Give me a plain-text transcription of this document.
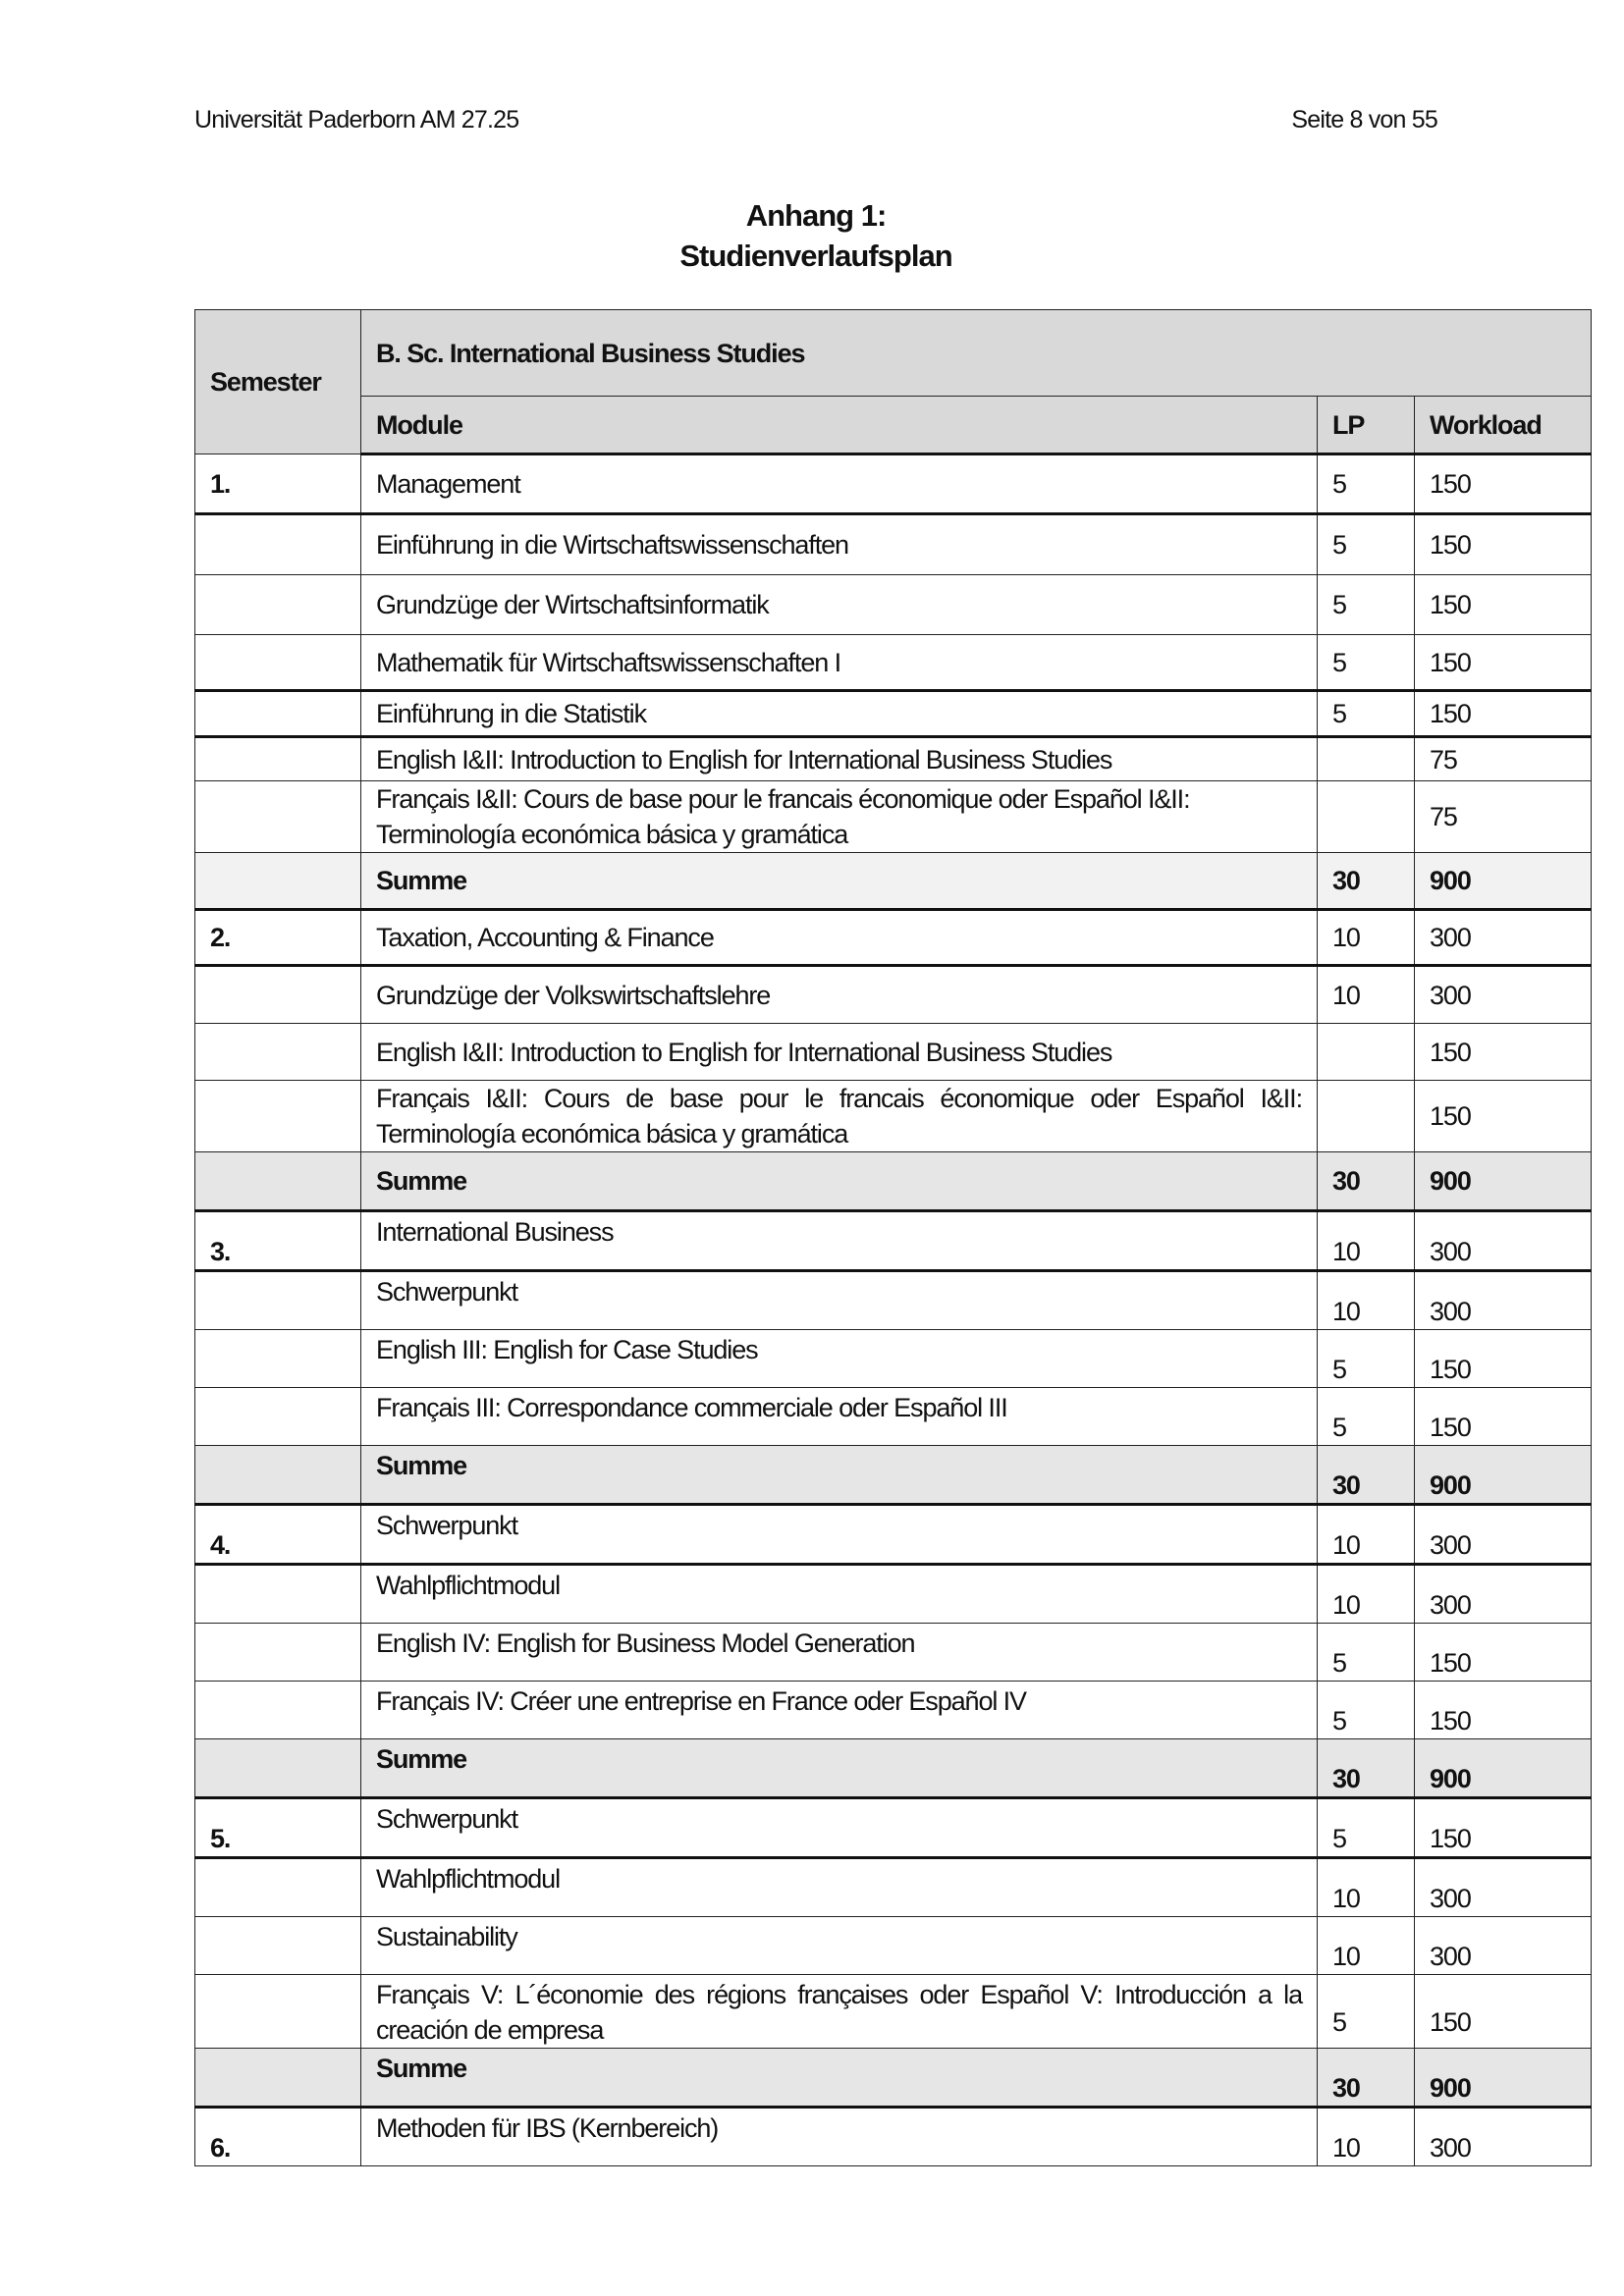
Universität Paderborn AM 27.25	Seite 8 von 55
Anhang 1:
Studienverlaufsplan
Semester	B. Sc. International Business Studies		
	Module	LP	Workload
1.	Management	5	150
	Einführung in die Wirtschaftswissenschaften	5	150
	Grundzüge der Wirtschaftsinformatik	5	150
	Mathematik für Wirtschaftswissenschaften I	5	150
	Einführung in die Statistik	5	150
	English I&II: Introduction to English for International Business Studies		75
	Français I&II: Cours de base pour le francais économique oder Español I&II: Terminología económica básica y gramática		75
	Summe	30	900
2.	Taxation, Accounting & Finance	10	300
	Grundzüge der Volkswirtschaftslehre	10	300
	English I&II: Introduction to English for International Business Studies		150
	Français I&II: Cours de base pour le francais économique oder Español I&II: Terminología económica básica y gramática		150
	Summe	30	900
3.	International Business	10	300
	Schwerpunkt	10	300
	English III: English for Case Studies	5	150
	Français III: Correspondance commerciale oder Español III	5	150
	Summe	30	900
4.	Schwerpunkt	10	300
	Wahlpflichtmodul	10	300
	English IV: English for Business Model Generation	5	150
	Français IV: Créer une entreprise en France oder Español IV	5	150
	Summe	30	900
5.	Schwerpunkt	5	150
	Wahlpflichtmodul	10	300
	Sustainability	10	300
	Français V: L´économie des régions françaises oder Español V: Introducción a la creación de empresa	5	150
	Summe	30	900
6.	Methoden für IBS (Kernbereich)	10	300
